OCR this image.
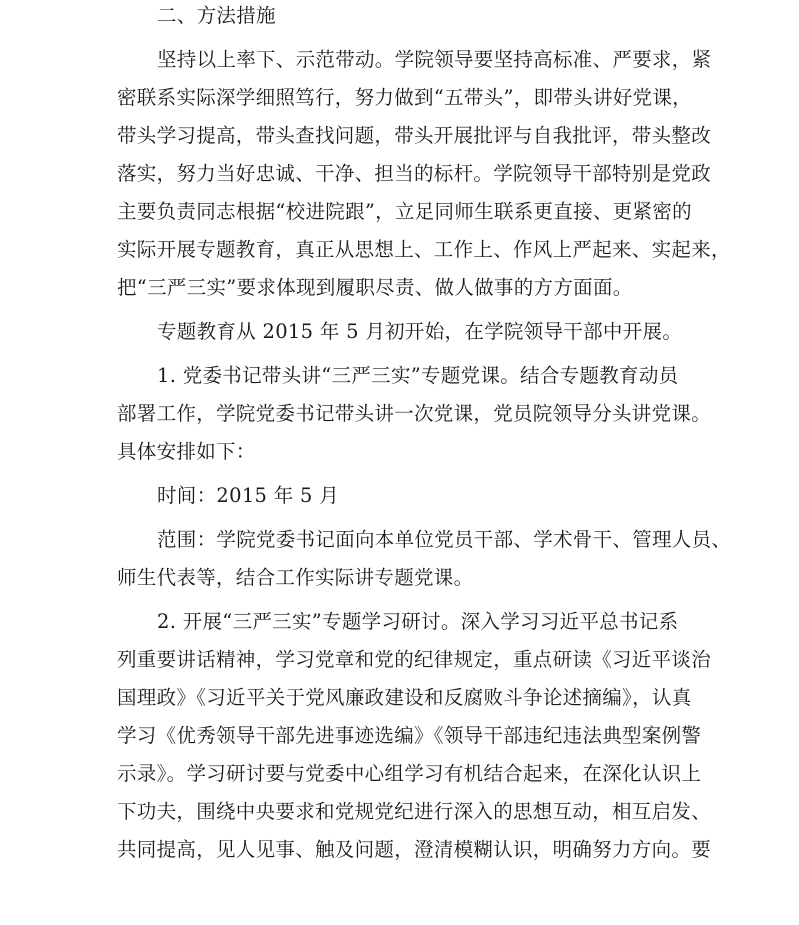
二、方法措施
坚持以上率下、示范带动。学院领导要坚持高标准、严要求，紧
密联系实际深学细照笃行，努力做到“五带头”，即带头讲好党课，
带头学习提高，带头查找问题，带头开展批评与自我批评，带头整改
落实，努力当好忠诚、干净、担当的标杆。学院领导干部特别是党政
主要负责同志根据“校进院跟”，立足同师生联系更直接、更紧密的
实际开展专题教育，真正从思想上、工作上、作风上严起来、实起来，
把“三严三实”要求体现到履职尽责、做人做事的方方面面。
专题教育从 2015 年 5 月初开始，在学院领导干部中开展。
1. 党委书记带头讲“三严三实”专题党课。结合专题教育动员
部署工作，学院党委书记带头讲一次党课，党员院领导分头讲党课。
具体安排如下：
时间：2015 年 5 月
范围：学院党委书记面向本单位党员干部、学术骨干、管理人员、
师生代表等，结合工作实际讲专题党课。
2. 开展“三严三实”专题学习研讨。深入学习习近平总书记系
列重要讲话精神，学习党章和党的纪律规定，重点研读《习近平谈治
国理政》《习近平关于党风廉政建设和反腐败斗争论述摘编》，认真
学习《优秀领导干部先进事迹选编》《领导干部违纪违法典型案例警
示录》。学习研讨要与党委中心组学习有机结合起来，在深化认识上
下功夫，围绕中央要求和党规党纪进行深入的思想互动，相互启发、
共同提高，见人见事、触及问题，澄清模糊认识，明确努力方向。要
